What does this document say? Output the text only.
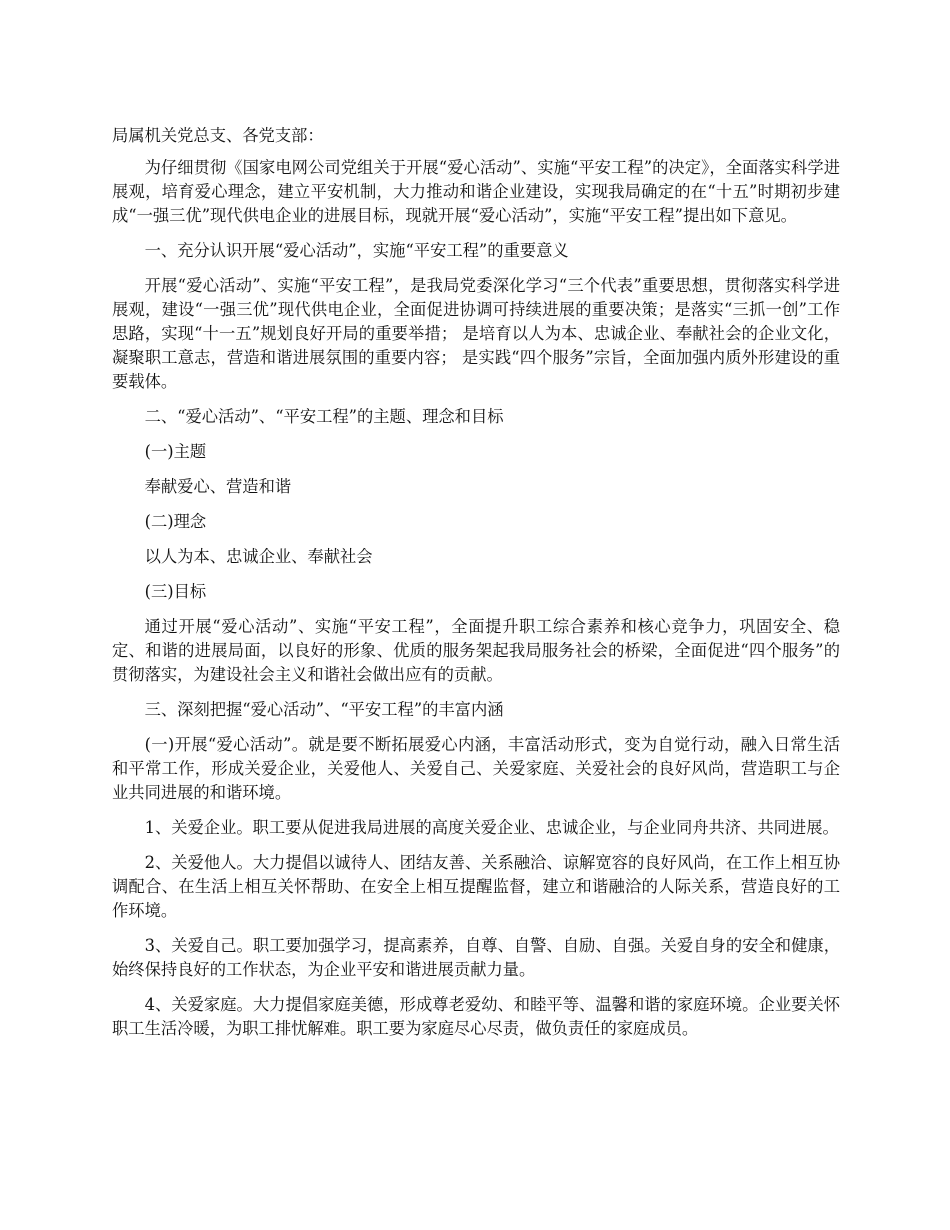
局属机关党总支、各党支部：

为仔细贯彻《国家电网公司党组关于开展“爱心活动”、实施“平安工程”的决定》，全面落实科学进展观，培育爱心理念，建立平安机制，大力推动和谐企业建设，实现我局确定的在“十五”时期初步建成“一强三优”现代供电企业的进展目标，现就开展“爱心活动”，实施“平安工程”提出如下意见。

一、充分认识开展“爱心活动”，实施“平安工程”的重要意义

开展“爱心活动”、实施“平安工程”，是我局党委深化学习“三个代表”重要思想，贯彻落实科学进展观，建设“一强三优”现代供电企业，全面促进协调可持续进展的重要决策；是落实“三抓一创”工作思路，实现“十一五”规划良好开局的重要举措； 是培育以人为本、忠诚企业、奉献社会的企业文化，凝聚职工意志，营造和谐进展氛围的重要内容； 是实践“四个服务”宗旨，全面加强内质外形建设的重要载体。

二、“爱心活动”、“平安工程”的主题、理念和目标

(一)主题

奉献爱心、营造和谐

(二)理念

以人为本、忠诚企业、奉献社会

(三)目标

通过开展“爱心活动”、实施“平安工程”，全面提升职工综合素养和核心竞争力，巩固安全、稳定、和谐的进展局面，以良好的形象、优质的服务架起我局服务社会的桥梁，全面促进“四个服务”的贯彻落实，为建设社会主义和谐社会做出应有的贡献。

三、深刻把握“爱心活动”、“平安工程”的丰富内涵

(一)开展“爱心活动”。就是要不断拓展爱心内涵，丰富活动形式，变为自觉行动，融入日常生活和平常工作，形成关爱企业，关爱他人、关爱自己、关爱家庭、关爱社会的良好风尚，营造职工与企业共同进展的和谐环境。

1、关爱企业。职工要从促进我局进展的高度关爱企业、忠诚企业，与企业同舟共济、共同进展。

2、关爱他人。大力提倡以诚待人、团结友善、关系融洽、谅解宽容的良好风尚，在工作上相互协调配合、在生活上相互关怀帮助、在安全上相互提醒监督，建立和谐融洽的人际关系，营造良好的工作环境。

3、关爱自己。职工要加强学习，提高素养，自尊、自警、自励、自强。关爱自身的安全和健康，始终保持良好的工作状态，为企业平安和谐进展贡献力量。

4、关爱家庭。大力提倡家庭美德，形成尊老爱幼、和睦平等、温馨和谐的家庭环境。企业要关怀职工生活冷暖，为职工排忧解难。职工要为家庭尽心尽责，做负责任的家庭成员。
